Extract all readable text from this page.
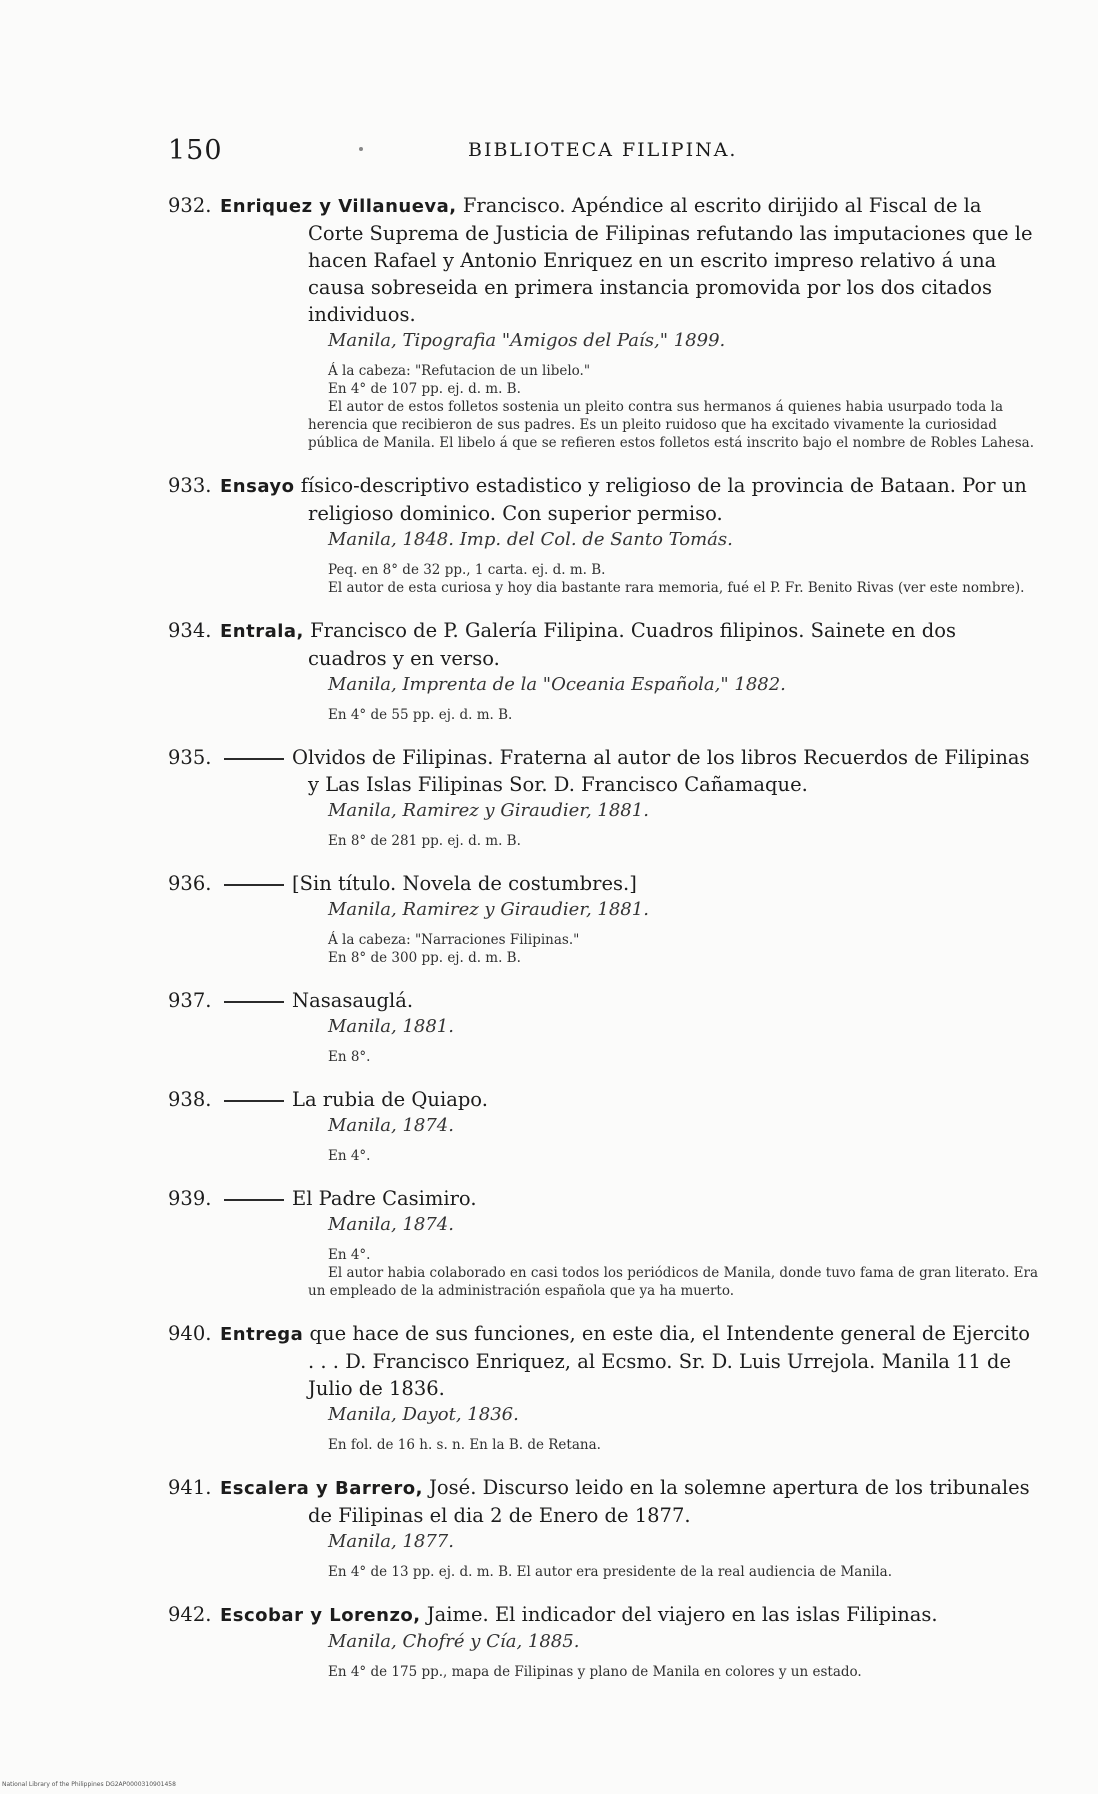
150	BIBLIOTECA FILIPINA.
932. Enriquez y Villanueva, Francisco. Apéndice al escrito dirijido al Fiscal de la Corte Suprema de Justicia de Filipinas refutando las imputaciones que le hacen Rafael y Antonio Enriquez en un escrito impreso relativo á una causa sobreseida en primera instancia promovida por los dos citados individuos.
Manila, Tipografia "Amigos del País," 1899.
Á la cabeza: "Refutacion de un libelo."
En 4° de 107 pp. ej. d. m. B.
El autor de estos folletos sostenia un pleito contra sus hermanos á quienes habia usurpado toda la herencia que recibieron de sus padres. Es un pleito ruidoso que ha excitado vivamente la curiosidad pública de Manila. El libelo á que se refieren estos folletos está inscrito bajo el nombre de Robles Lahesa.
933. Ensayo físico-descriptivo estadistico y religioso de la provincia de Bataan. Por un religioso dominico. Con superior permiso.
Manila, 1848. Imp. del Col. de Santo Tomás.
Peq. en 8° de 32 pp., 1 carta. ej. d. m. B.
El autor de esta curiosa y hoy dia bastante rara memoria, fué el P. Fr. Benito Rivas (ver este nombre).
934. Entrala, Francisco de P. Galería Filipina. Cuadros filipinos. Sainete en dos cuadros y en verso.
Manila, Imprenta de la "Oceania Española," 1882.
En 4° de 55 pp. ej. d. m. B.
935.	Olvidos de Filipinas. Fraterna al autor de los libros Recuerdos de Filipinas y Las Islas Filipinas Sor. D. Francisco Cañamaque.
Manila, Ramirez y Giraudier, 1881.
En 8° de 281 pp. ej. d. m. B.
936.	[Sin título. Novela de costumbres.]
Manila, Ramirez y Giraudier, 1881.
Á la cabeza: "Narraciones Filipinas."
En 8° de 300 pp. ej. d. m. B.
937.	Nasasauglá.
Manila, 1881.
En 8°.
938.	La rubia de Quiapo.
Manila, 1874.
En 4°.
939.	El Padre Casimiro.
Manila, 1874.
En 4°.
El autor habia colaborado en casi todos los periódicos de Manila, donde tuvo fama de gran literato. Era un empleado de la administración española que ya ha muerto.
940. Entrega que hace de sus funciones, en este dia, el Intendente general de Ejercito . . . D. Francisco Enriquez, al Ecsmo. Sr. D. Luis Urrejola. Manila 11 de Julio de 1836.
Manila, Dayot, 1836.
En fol. de 16 h. s. n. En la B. de Retana.
941. Escalera y Barrero, José. Discurso leido en la solemne apertura de los tribunales de Filipinas el dia 2 de Enero de 1877.
Manila, 1877.
En 4° de 13 pp. ej. d. m. B. El autor era presidente de la real audiencia de Manila.
942. Escobar y Lorenzo, Jaime. El indicador del viajero en las islas Filipinas.
Manila, Chofré y Cía, 1885.
En 4° de 175 pp., mapa de Filipinas y plano de Manila en colores y un estado.
National Library of the Philippines DG2AP0000310901458
